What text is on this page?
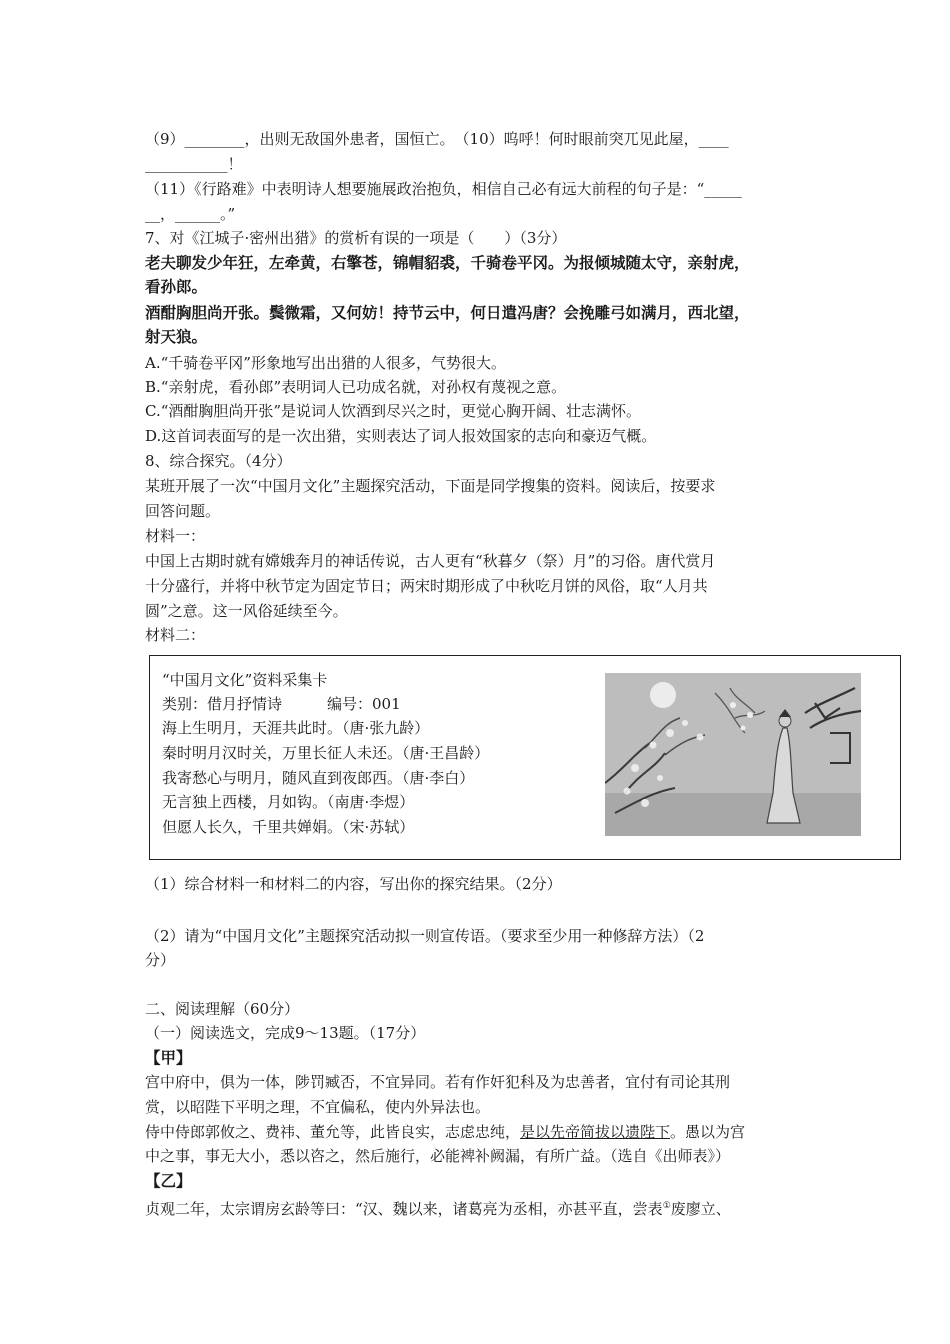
（9）________，出则无敌国外患者，国恒亡。　（10）呜呼！何时眼前突兀见此屋，____
___________！
（11）《行路难》中表明诗人想要施展政治抱负，相信自己必有远大前程的句子是：“_____
__，______。”
7、对《江城子·密州出猎》的赏析有误的一项是（　　）（3分）
老夫聊发少年狂，左牵黄，右擎苍，锦帽貂裘，千骑卷平冈。为报倾城随太守，亲射虎，
看孙郎。
酒酣胸胆尚开张。鬓微霜，又何妨！持节云中，何日遣冯唐？会挽雕弓如满月，西北望，
射天狼。
A.“千骑卷平冈”形象地写出出猎的人很多，气势很大。
B.“亲射虎，看孙郎”表明词人已功成名就，对孙权有蔑视之意。
C.“酒酣胸胆尚开张”是说词人饮酒到尽兴之时，更觉心胸开阔、壮志满怀。
D.这首词表面写的是一次出猎，实则表达了词人报效国家的志向和豪迈气概。
8、综合探究。（4分）
某班开展了一次“中国月文化”主题探究活动，下面是同学搜集的资料。阅读后，按要求
回答问题。
材料一：
中国上古期时就有嫦娥奔月的神话传说，古人更有“秋暮夕（祭）月”的习俗。唐代赏月
十分盛行，并将中秋节定为固定节日；两宋时期形成了中秋吃月饼的风俗，取“人月共
圆”之意。这一风俗延续至今。
材料二：
“中国月文化”资料采集卡
类别：借月抒情诗　　　编号：001
海上生明月，天涯共此时。（唐·张九龄）
秦时明月汉时关，万里长征人未还。（唐·王昌龄）
我寄愁心与明月，随风直到夜郎西。（唐·李白）
无言独上西楼，月如钩。（南唐·李煜）
但愿人长久，千里共婵娟。（宋·苏轼）
（1）综合材料一和材料二的内容，写出你的探究结果。（2分）
（2）请为“中国月文化”主题探究活动拟一则宣传语。（要求至少用一种修辞方法）（2
分）
二、阅读理解（60分）
（一）阅读选文，完成9～13题。（17分）
【甲】
宫中府中，俱为一体，陟罚臧否，不宜异同。若有作奸犯科及为忠善者，宜付有司论其刑
赏，以昭陛下平明之理，不宜偏私，使内外异法也。
侍中侍郎郭攸之、费祎、董允等，此皆良实，志虑忠纯，是以先帝简拔以遗陛下。愚以为宫
中之事，事无大小，悉以咨之，然后施行，必能裨补阙漏，有所广益。（选自《出师表》）
【乙】
贞观二年，太宗谓房玄龄等曰：“汉、魏以来，诸葛亮为丞相，亦甚平直，尝表①废廖立、
